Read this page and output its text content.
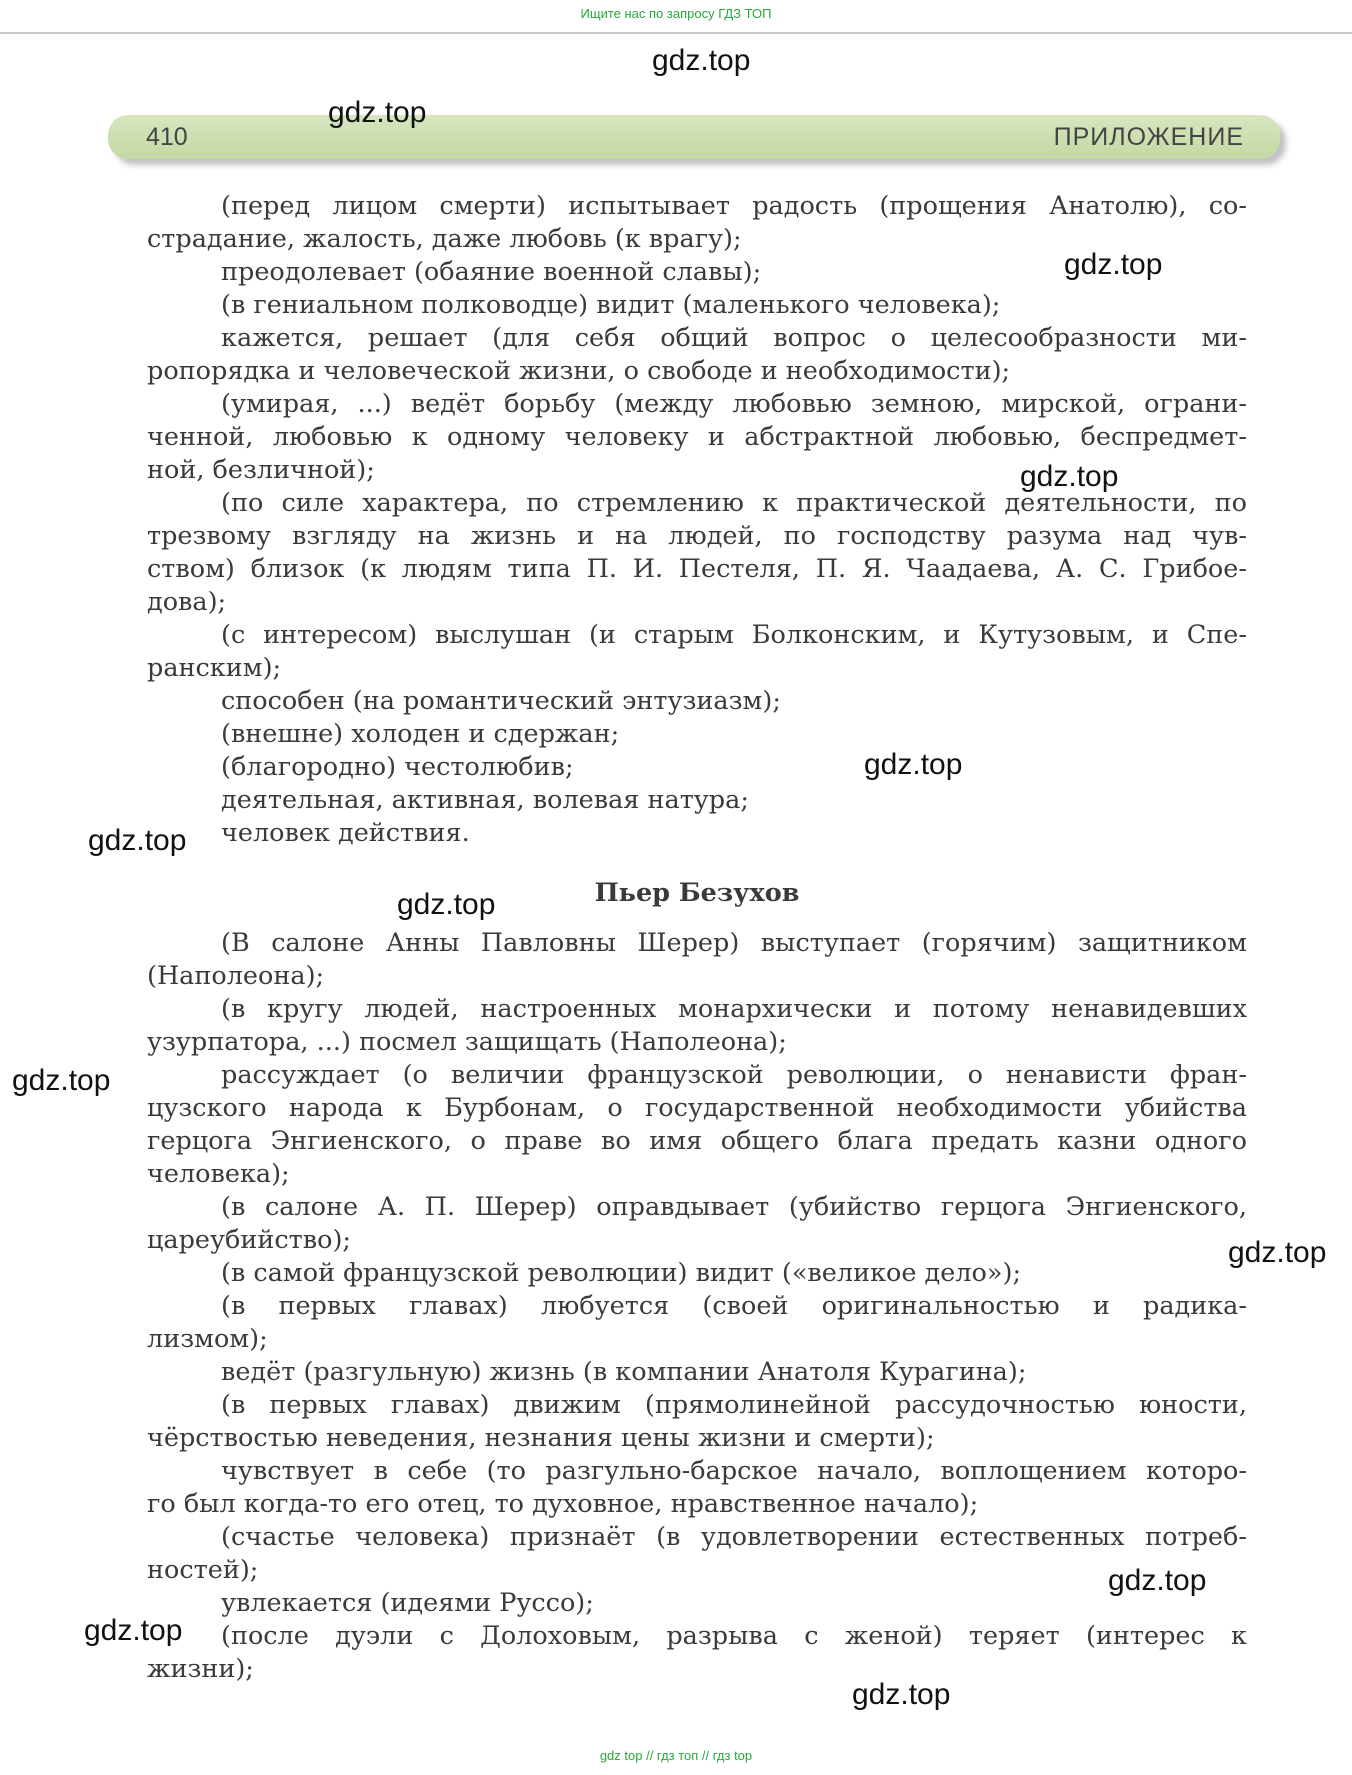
Ищите нас по запросу ГДЗ ТОП
410	ПРИЛОЖЕНИЕ
(перед лицом смерти) испытывает радость (прощения Анатолю), со-
страдание, жалость, даже любовь (к врагу);
преодолевает (обаяние военной славы);
(в гениальном полководце) видит (маленького человека);
кажется, решает (для себя общий вопрос о целесообразности ми-
ропорядка и человеческой жизни, о свободе и необходимости);
(умирая, ...) ведёт борьбу (между любовью земною, мирской, ограни-
ченной, любовью к одному человеку и абстрактной любовью, беспредмет-
ной, безличной);
(по силе характера, по стремлению к практической деятельности, по
трезвому взгляду на жизнь и на людей, по господству разума над чув-
ством) близок (к людям типа П. И. Пестеля, П. Я. Чаадаева, А. С. Грибое-
дова);
(с интересом) выслушан (и старым Болконским, и Кутузовым, и Спе-
ранским);
способен (на романтический энтузиазм);
(внешне) холоден и сдержан;
(благородно) честолюбив;
деятельная, активная, волевая натура;
человек действия.
Пьер Безухов
(В салоне Анны Павловны Шерер) выступает (горячим) защитником
(Наполеона);
(в кругу людей, настроенных монархически и потому ненавидевших
узурпатора, ...) посмел защищать (Наполеона);
рассуждает (о величии французской революции, о ненависти фран-
цузского народа к Бурбонам, о государственной необходимости убийства
герцога Энгиенского, о праве во имя общего блага предать казни одного
человека);
(в салоне А. П. Шерер) оправдывает (убийство герцога Энгиенского,
цареубийство);
(в самой французской революции) видит («великое дело»);
(в первых главах) любуется (своей оригинальностью и радика-
лизмом);
ведёт (разгульную) жизнь (в компании Анатоля Курагина);
(в первых главах) движим (прямолинейной рассудочностью юности,
чёрствостью неведения, незнания цены жизни и смерти);
чувствует в себе (то разгульно-барское начало, воплощением которо-
го был когда-то его отец, то духовное, нравственное начало);
(счастье человека) признаёт (в удовлетворении естественных потреб-
ностей);
увлекается (идеями Руссо);
(после дуэли с Долоховым, разрыва с женой) теряет (интерес к
жизни);
gdz.top
gdz.top
gdz.top
gdz.top
gdz.top
gdz.top
gdz.top
gdz.top
gdz.top
gdz.top
gdz.top
gdz.top
gdz top // гдз топ // гдз top
